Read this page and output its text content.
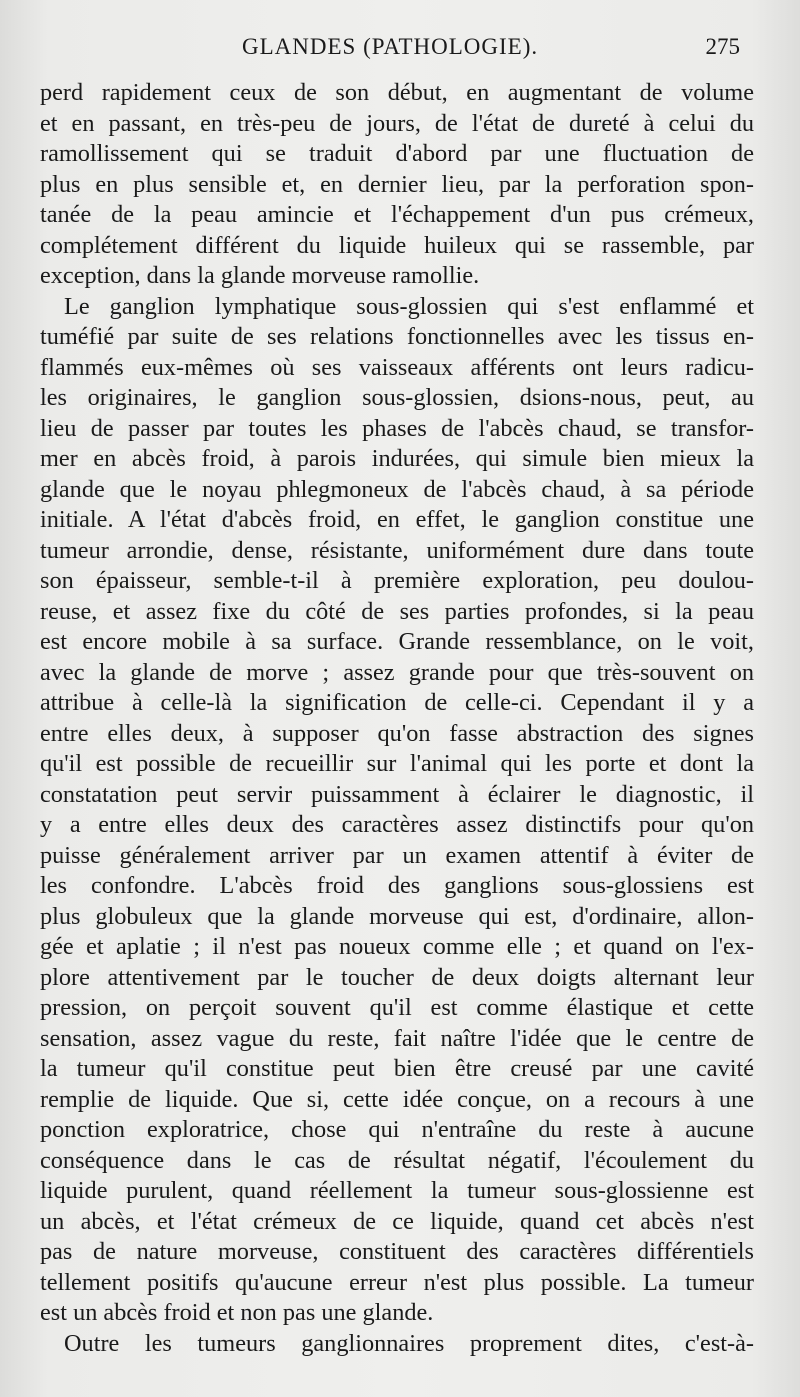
GLANDES (PATHOLOGIE).	275
perd rapidement ceux de son début, en augmentant de volume
et en passant, en très-peu de jours, de l'état de dureté à celui du
ramollissement qui se traduit d'abord par une fluctuation de
plus en plus sensible et, en dernier lieu, par la perforation spon-
tanée de la peau amincie et l'échappement d'un pus crémeux,
complétement différent du liquide huileux qui se rassemble, par
exception, dans la glande morveuse ramollie.
Le ganglion lymphatique sous-glossien qui s'est enflammé et
tuméfié par suite de ses relations fonctionnelles avec les tissus en-
flammés eux-mêmes où ses vaisseaux afférents ont leurs radicu-
les originaires, le ganglion sous-glossien, dsions-nous, peut, au
lieu de passer par toutes les phases de l'abcès chaud, se transfor-
mer en abcès froid, à parois indurées, qui simule bien mieux la
glande que le noyau phlegmoneux de l'abcès chaud, à sa période
initiale. A l'état d'abcès froid, en effet, le ganglion constitue une
tumeur arrondie, dense, résistante, uniformément dure dans toute
son épaisseur, semble-t-il à première exploration, peu doulou-
reuse, et assez fixe du côté de ses parties profondes, si la peau
est encore mobile à sa surface. Grande ressemblance, on le voit,
avec la glande de morve ; assez grande pour que très-souvent on
attribue à celle-là la signification de celle-ci. Cependant il y a
entre elles deux, à supposer qu'on fasse abstraction des signes
qu'il est possible de recueillir sur l'animal qui les porte et dont la
constatation peut servir puissamment à éclairer le diagnostic, il
y a entre elles deux des caractères assez distinctifs pour qu'on
puisse généralement arriver par un examen attentif à éviter de
les confondre. L'abcès froid des ganglions sous-glossiens est
plus globuleux que la glande morveuse qui est, d'ordinaire, allon-
gée et aplatie ; il n'est pas noueux comme elle ; et quand on l'ex-
plore attentivement par le toucher de deux doigts alternant leur
pression, on perçoit souvent qu'il est comme élastique et cette
sensation, assez vague du reste, fait naître l'idée que le centre de
la tumeur qu'il constitue peut bien être creusé par une cavité
remplie de liquide. Que si, cette idée conçue, on a recours à une
ponction exploratrice, chose qui n'entraîne du reste à aucune
conséquence dans le cas de résultat négatif, l'écoulement du
liquide purulent, quand réellement la tumeur sous-glossienne est
un abcès, et l'état crémeux de ce liquide, quand cet abcès n'est
pas de nature morveuse, constituent des caractères différentiels
tellement positifs qu'aucune erreur n'est plus possible. La tumeur
est un abcès froid et non pas une glande.
Outre les tumeurs ganglionnaires proprement dites, c'est-à-
